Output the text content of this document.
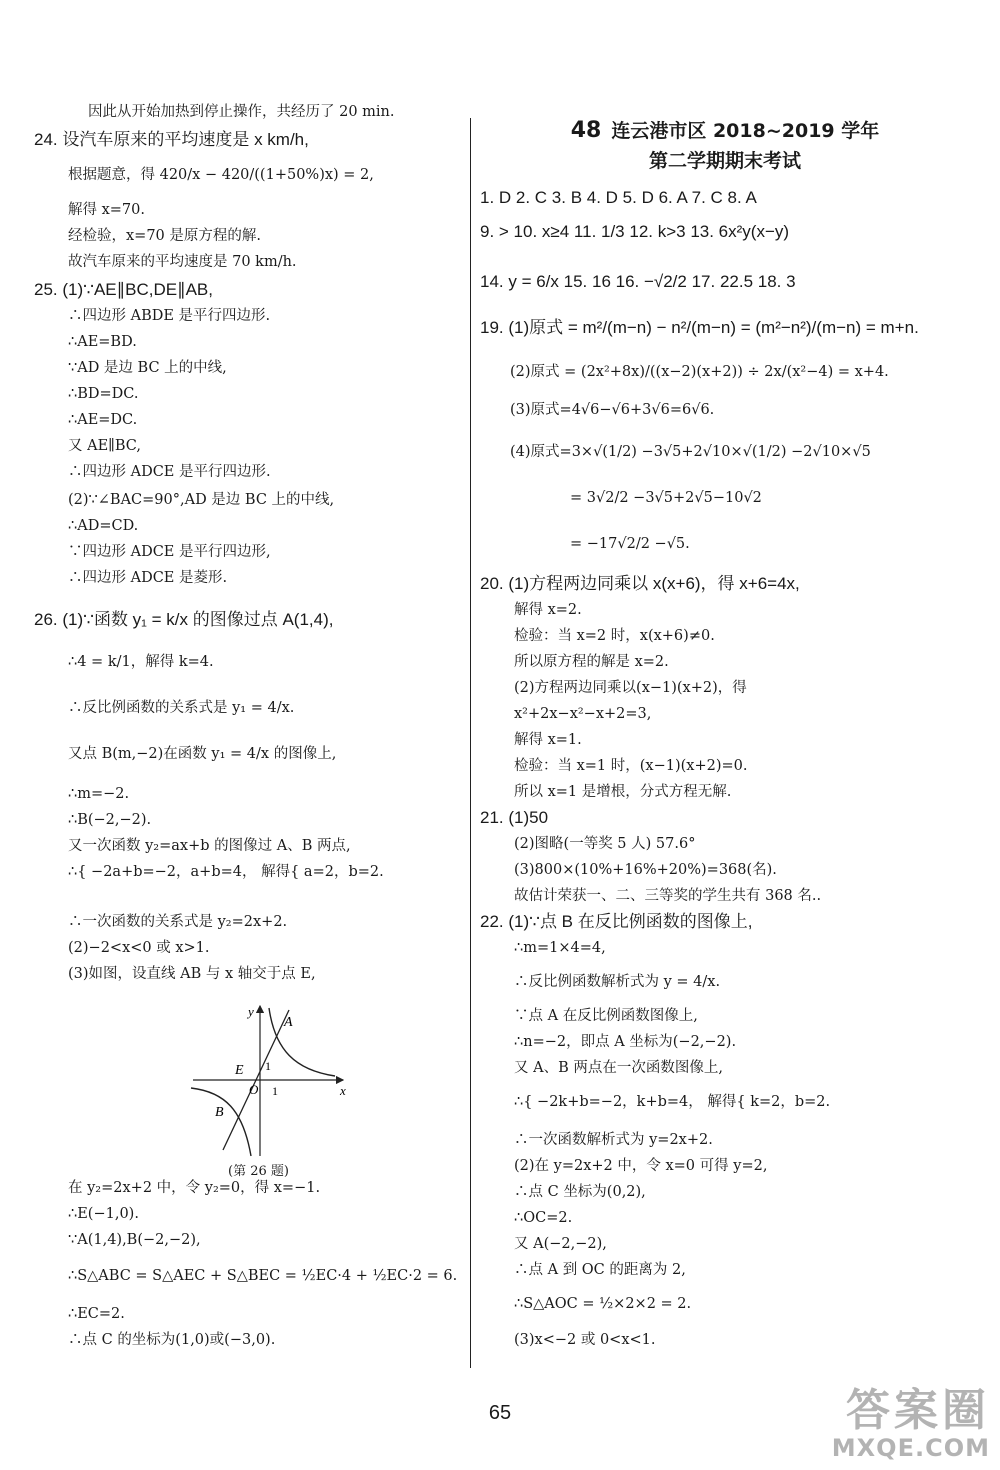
因此从开始加热到停止操作，共经历了 20 min.
24. 设汽车原来的平均速度是 x km/h,
根据题意，得 420/x − 420/((1+50%)x) = 2,
解得 x=70.
经检验，x=70 是原方程的解.
故汽车原来的平均速度是 70 km/h.
25. (1)∵AE∥BC,DE∥AB,
∴四边形 ABDE 是平行四边形.
∴AE=BD.
∵AD 是边 BC 上的中线,
∴BD=DC.
∴AE=DC.
又 AE∥BC,
∴四边形 ADCE 是平行四边形.
(2)∵∠BAC=90°,AD 是边 BC 上的中线,
∴AD=CD.
∵四边形 ADCE 是平行四边形,
∴四边形 ADCE 是菱形.
26. (1)∵函数 y₁ = k/x 的图像过点 A(1,4),
∴4 = k/1，解得 k=4.
∴反比例函数的关系式是 y₁ = 4/x.
又点 B(m,−2)在函数 y₁ = 4/x 的图像上,
∴m=−2.
∴B(−2,−2).
又一次函数 y₂=ax+b 的图像过 A、B 两点,
∴{ −2a+b=−2，a+b=4， 解得{ a=2，b=2.
∴一次函数的关系式是 y₂=2x+2.
(2)−2<x<0 或 x>1.
(3)如图，设直线 AB 与 x 轴交于点 E,
在 y₂=2x+2 中，令 y₂=0，得 x=−1.
∴E(−1,0).
∵A(1,4),B(−2,−2),
∴S△ABC = S△AEC + S△BEC = ½EC·4 + ½EC·2 = 6.
∴EC=2.
∴点 C 的坐标为(1,0)或(−3,0).
48 连云港市区 2018~2019 学年
第二学期期末考试
1. D 2. C 3. B 4. D 5. D 6. A 7. C 8. A
9. > 10. x≥4 11. 1/3 12. k>3 13. 6x²y(x−y)
14. y = 6/x 15. 16 16. −√2/2 17. 22.5 18. 3
19. (1)原式 = m²/(m−n) − n²/(m−n) = (m²−n²)/(m−n) = m+n.
(2)原式 = (2x²+8x)/((x−2)(x+2)) ÷ 2x/(x²−4) = x+4.
(3)原式=4√6−√6+3√6=6√6.
(4)原式=3×√(1/2) −3√5+2√10×√(1/2) −2√10×√5
= 3√2/2 −3√5+2√5−10√2
= −17√2/2 −√5.
20. (1)方程两边同乘以 x(x+6)，得 x+6=4x,
解得 x=2.
检验：当 x=2 时，x(x+6)≠0.
所以原方程的解是 x=2.
(2)方程两边同乘以(x−1)(x+2)，得
x²+2x−x²−x+2=3,
解得 x=1.
检验：当 x=1 时，(x−1)(x+2)=0.
所以 x=1 是增根，分式方程无解.
21. (1)50
(2)图略(一等奖 5 人) 57.6°
(3)800×(10%+16%+20%)=368(名).
故估计荣获一、二、三等奖的学生共有 368 名..
22. (1)∵点 B 在反比例函数的图像上,
∴m=1×4=4,
∴反比例函数解析式为 y = 4/x.
∵点 A 在反比例函数图像上,
∴n=−2，即点 A 坐标为(−2,−2).
又 A、B 两点在一次函数图像上,
∴{ −2k+b=−2，k+b=4， 解得{ k=2，b=2.
∴一次函数解析式为 y=2x+2.
(2)在 y=2x+2 中，令 x=0 可得 y=2,
∴点 C 坐标为(0,2),
∴OC=2.
又 A(−2,−2),
∴点 A 到 OC 的距离为 2,
∴S△AOC = ½×2×2 = 2.
(3)x<−2 或 0<x<1.
A
B
E
O
1
1
y
x
(第 26 题)
65	答案圈
MXQE.COM
